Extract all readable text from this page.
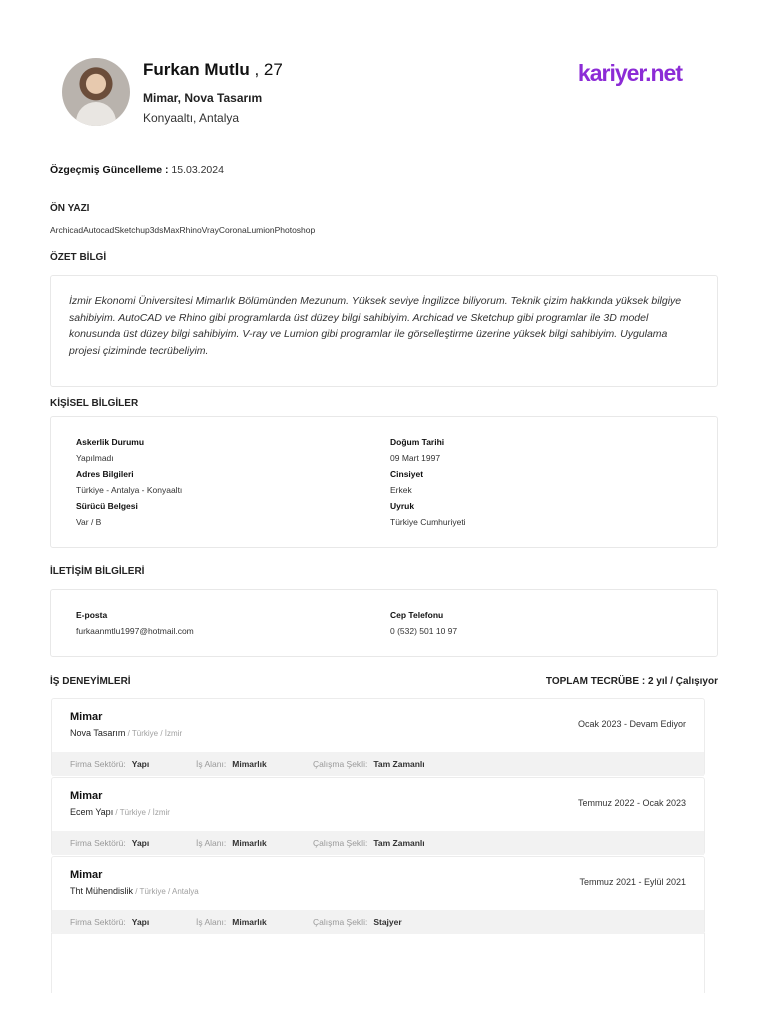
Furkan Mutlu , 27
Mimar, Nova Tasarım
Konyaaltı, Antalya
kariyer.net
Özgeçmiş Güncelleme : 15.03.2024
ÖN YAZI
ArchicadAutocadSketchup3dsMaxRhinoVrayCoronaLumionPhotoshop
ÖZET BİLGİ
İzmir Ekonomi Üniversitesi Mimarlık Bölümünden Mezunum. Yüksek seviye İngilizce biliyorum. Teknik çizim hakkında yüksek bilgiye sahibiyim. AutoCAD ve Rhino gibi programlarda üst düzey bilgi sahibiyim. Archicad ve Sketchup gibi programlar ile 3D model konusunda üst düzey bilgi sahibiyim. V-ray ve Lumion gibi programlar ile görselleştirme üzerine yüksek bilgi sahibiyim. Uygulama projesi çiziminde tecrübeliyim.
KİŞİSEL BİLGİLER
Askerlik Durumu
Yapılmadı
Adres Bilgileri
Türkiye - Antalya - Konyaaltı
Sürücü Belgesi
Var / B
Doğum Tarihi
09 Mart 1997
Cinsiyet
Erkek
Uyruk
Türkiye Cumhuriyeti
İLETİŞİM BİLGİLERİ
E-posta
furkaanmtlu1997@hotmail.com
Cep Telefonu
0 (532) 501 10 97
İŞ DENEYİMLERİ	TOPLAM TECRÜBE : 2 yıl / Çalışıyor
Mimar
Nova Tasarım / Türkiye / İzmir
Ocak 2023 - Devam Ediyor
Firma Sektörü: Yapı	İş Alanı: Mimarlık	Çalışma Şekli: Tam Zamanlı
Mimar
Ecem Yapı / Türkiye / İzmir
Temmuz 2022 - Ocak 2023
Firma Sektörü: Yapı	İş Alanı: Mimarlık	Çalışma Şekli: Tam Zamanlı
Mimar
Tht Mühendislik / Türkiye / Antalya
Temmuz 2021 - Eylül 2021
Firma Sektörü: Yapı	İş Alanı: Mimarlık	Çalışma Şekli: Stajyer
